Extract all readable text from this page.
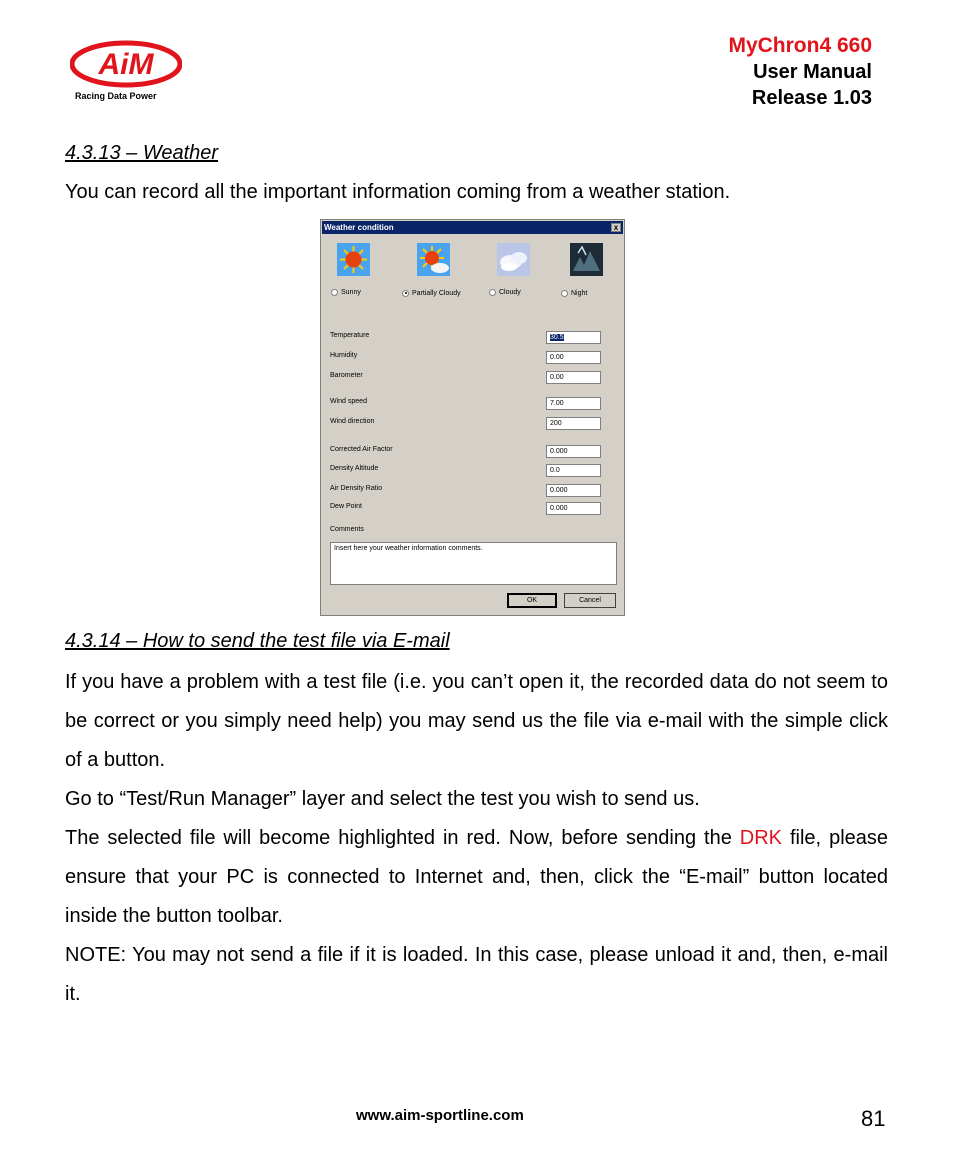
AiM
Racing Data Power
MyChron4 660
User Manual
Release 1.03
4.3.13 – Weather
You can record all the important information coming from a weather station.
Weather condition	x
Sunny	Partially Cloudy	Cloudy	Night
Temperature	30.5
Humidity	0.00
Barometer	0.00
Wind speed	7.00
Wind direction	200
Corrected Air Factor	0.000
Density Altitude	0.0
Air Density Ratio	0.000
Dew Point	0.000
Comments
Insert here your weather information comments.
OK	Cancel
4.3.14 – How to send the test file via E-mail

If you have a problem with a test file (i.e. you can’t open it, the recorded data do not seem to be correct or you simply need help) you may send us the file via e-mail with the simple click of a button.

Go to “Test/Run Manager” layer and select the test you wish to send us.

The selected file will become highlighted in red. Now, before sending the DRK file, please ensure that your PC is connected to Internet and, then, click the “E-mail” button located inside the button toolbar.

NOTE: You may not send a file if it is loaded. In this case, please unload it and, then, e-mail it.

www.aim-sportline.com	81
